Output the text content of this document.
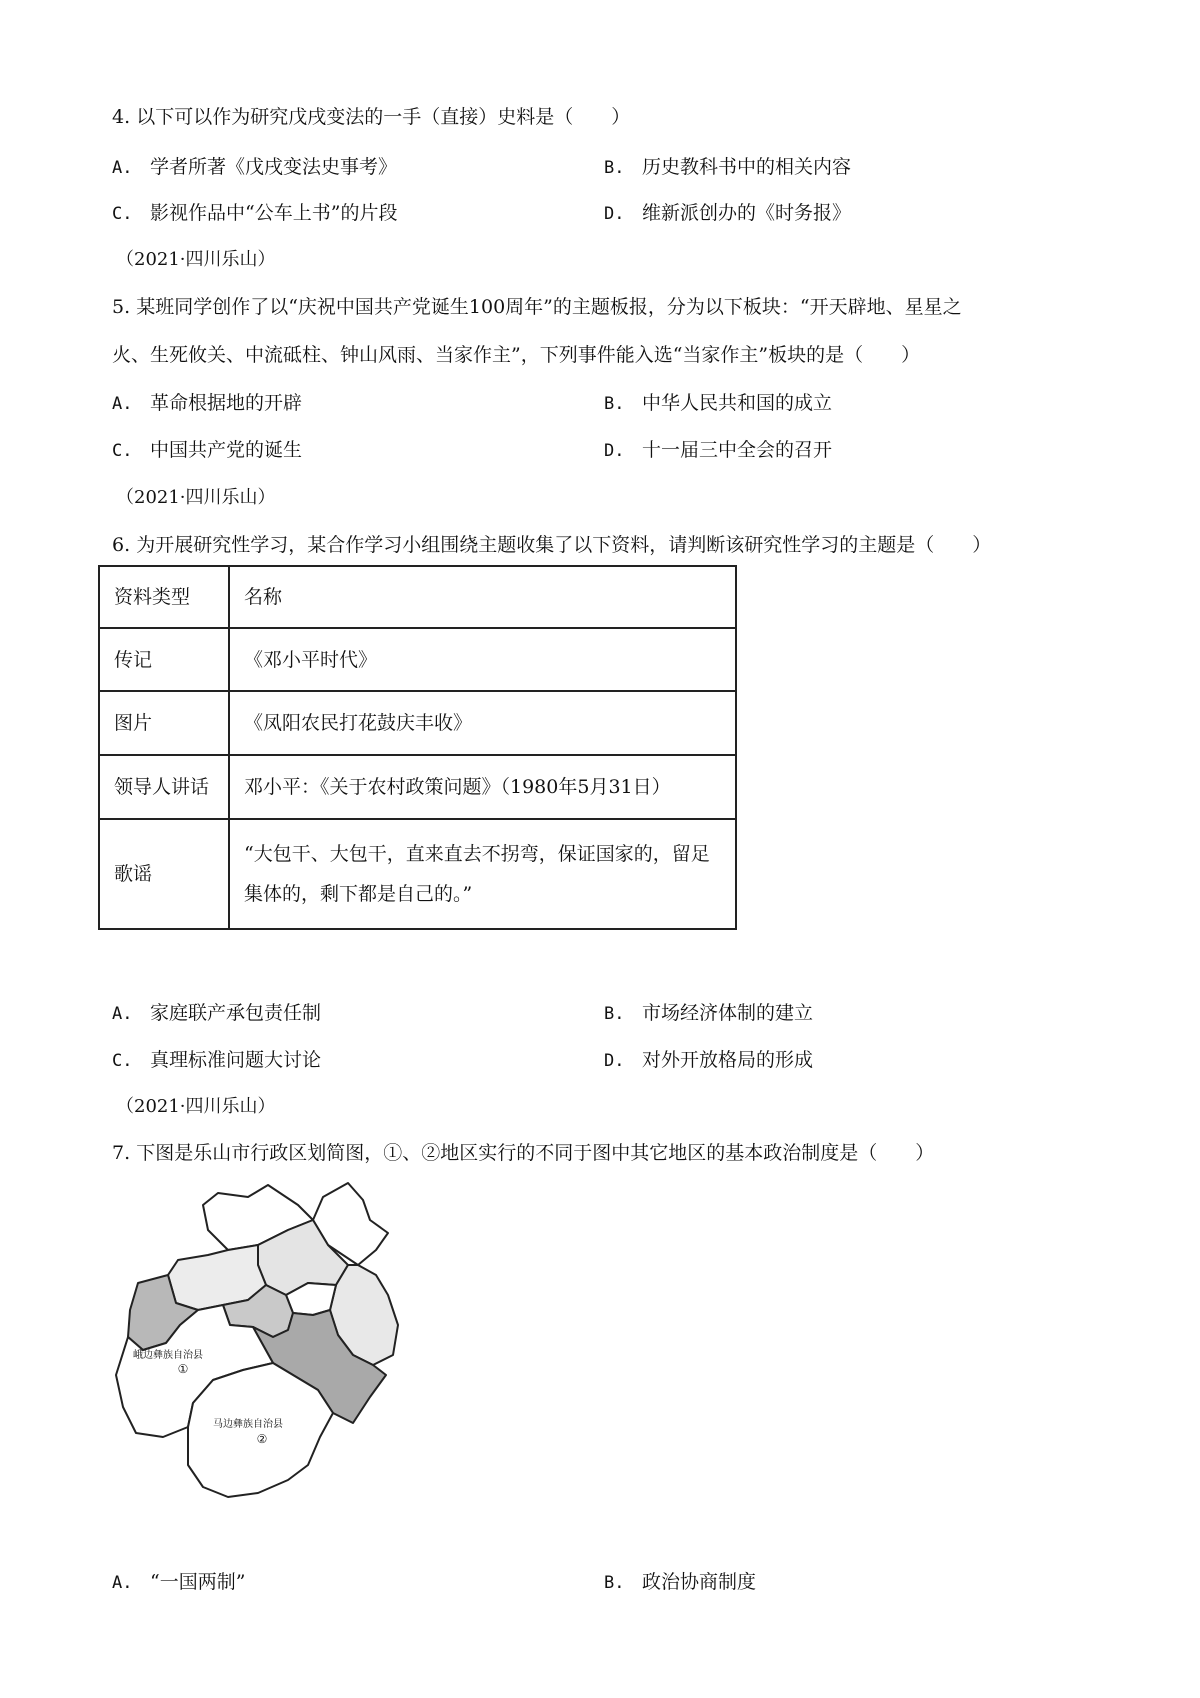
4. 以下可以作为研究戊戌变法的一手（直接）史料是（　　）
A. 学者所著《戊戌变法史事考》	B. 历史教科书中的相关内容
C. 影视作品中“公车上书”的片段	D. 维新派创办的《时务报》
（2021·四川乐山）
5. 某班同学创作了以“庆祝中国共产党诞生100周年”的主题板报，分为以下板块：“开天辟地、星星之
火、生死攸关、中流砥柱、钟山风雨、当家作主”，下列事件能入选“当家作主”板块的是（　　）
A. 革命根据地的开辟	B. 中华人民共和国的成立
C. 中国共产党的诞生	D. 十一届三中全会的召开
（2021·四川乐山）
6. 为开展研究性学习，某合作学习小组围绕主题收集了以下资料，请判断该研究性学习的主题是（　　）
资料类型	名称
传记	《邓小平时代》
图片	《凤阳农民打花鼓庆丰收》
领导人讲话	邓小平：《关于农村政策问题》（1980年5月31日）
歌谣	“大包干、大包干，直来直去不拐弯，保证国家的，留足集体的，剩下都是自己的。”
A. 家庭联产承包责任制	B. 市场经济体制的建立
C. 真理标准问题大讨论	D. 对外开放格局的形成
（2021·四川乐山）
7. 下图是乐山市行政区划简图，①、②地区实行的不同于图中其它地区的基本政治制度是（　　）
峨边彝族自治县
①
马边彝族自治县
②
A. “一国两制”	B. 政治协商制度
